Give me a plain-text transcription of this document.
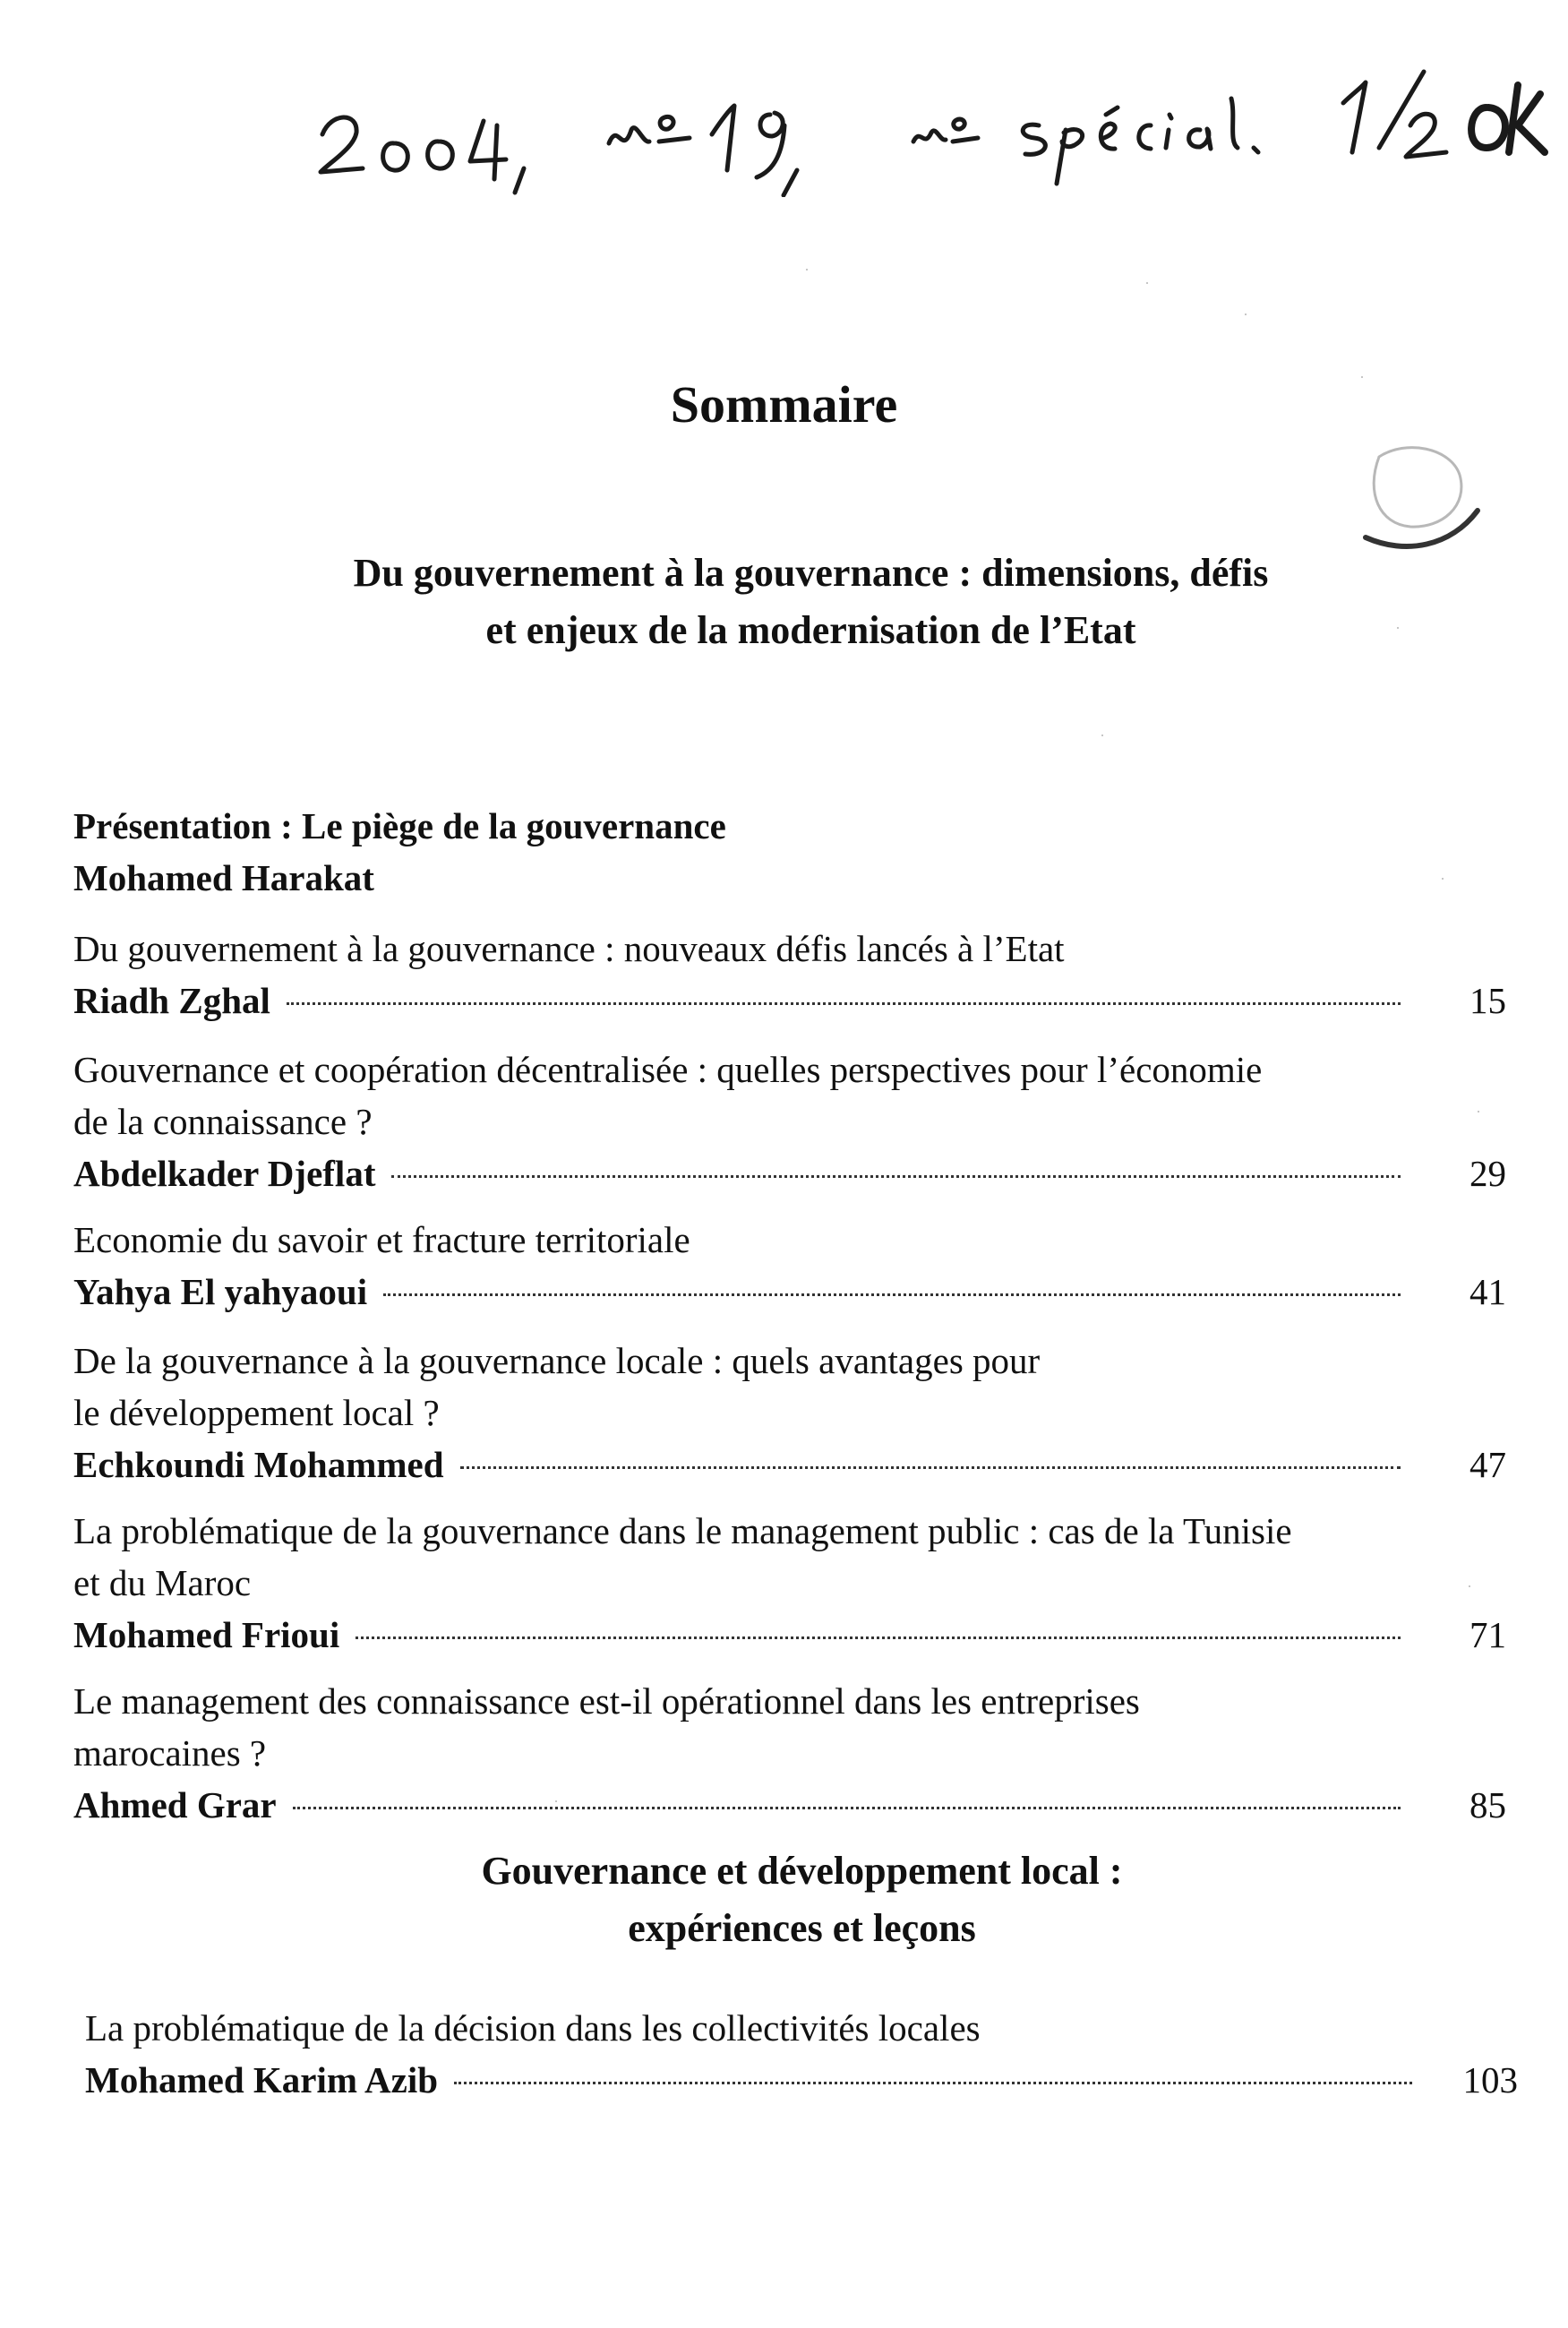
Sommaire
Du gouvernement à la gouvernance : dimensions, défis
et enjeux de la modernisation de l’Etat
Présentation : Le piège de la gouvernance
Mohamed Harakat
Du gouvernement à la gouvernance : nouveaux défis lancés à l’Etat
Riadh Zghal	15
Gouvernance et coopération décentralisée : quelles perspectives pour l’économie
de la connaissance ?
Abdelkader Djeflat	29
Economie du savoir et fracture territoriale
Yahya El yahyaoui	41
De la gouvernance à la gouvernance locale : quels avantages pour
le développement local ?
Echkoundi Mohammed	47
La problématique de la gouvernance dans le management public : cas de la Tunisie
et du Maroc
Mohamed Frioui	71
Le management des connaissance est-il opérationnel dans les entreprises
marocaines ?
Ahmed Grar	85
Gouvernance et développement local :
expériences et leçons
La problématique de la décision dans les collectivités locales
Mohamed Karim Azib	103
